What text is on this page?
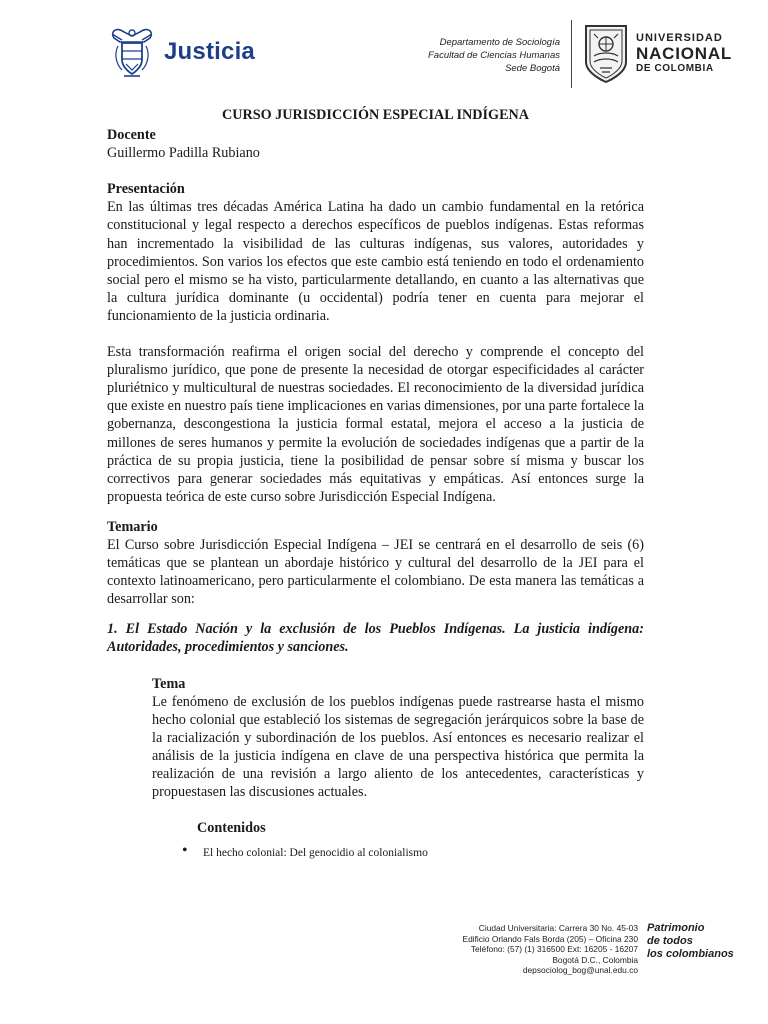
Justicia	Departamento de Sociología
Facultad de Ciencias Humanas
Sede Bogotá
UNIVERSIDAD
NACIONAL
DE COLOMBIA
CURSO JURISDICCIÓN ESPECIAL INDÍGENA
Docente
Guillermo Padilla Rubiano
Presentación
En las últimas tres décadas América Latina ha dado un cambio fundamental en la retórica constitucional y legal respecto a derechos específicos de pueblos indígenas. Estas reformas han incrementado la visibilidad de las culturas indígenas, sus valores, autoridades y procedimientos. Son varios los efectos que este cambio está teniendo en todo el ordenamiento social pero el mismo se ha visto, particularmente detallando, en cuanto a las alternativas que la cultura jurídica dominante (u occidental) podría tener en cuenta para mejorar el funcionamiento de la justicia ordinaria.
Esta transformación reafirma el origen social del derecho y comprende el concepto del pluralismo jurídico, que pone de presente la necesidad de otorgar especificidades al carácter pluriétnico y multicultural de nuestras sociedades. El reconocimiento de la diversidad jurídica que existe en nuestro país tiene implicaciones en varias dimensiones, por una parte fortalece la gobernanza, descongestiona la justicia formal estatal, mejora el acceso a la justicia de millones de seres humanos y permite la evolución de sociedades indígenas que a partir de la práctica de su propia justicia, tiene la posibilidad de pensar sobre sí misma y buscar los correctivos para generar sociedades más equitativas y empáticas. Así entonces surge la propuesta teórica de este curso sobre Jurisdicción Especial Indígena.
Temario
El Curso sobre Jurisdicción Especial Indígena – JEI se centrará en el desarrollo de seis (6) temáticas que se plantean un abordaje histórico y cultural del desarrollo de la JEI para el contexto latinoamericano, pero particularmente el colombiano. De esta manera las temáticas a desarrollar son:
1. El Estado Nación y la exclusión de los Pueblos Indígenas. La justicia indígena: Autoridades, procedimientos y sanciones.
Tema
Le fenómeno de exclusión de los pueblos indígenas puede rastrearse hasta el mismo hecho colonial que estableció los sistemas de segregación jerárquicos sobre la base de la racialización y subordinación de los pueblos. Así entonces es necesario realizar el análisis de la justicia indígena en clave de una perspectiva histórica que permita la realización de una revisión a largo aliento de los antecedentes, características y propuestasen las discusiones actuales.
Contenidos
• El hecho colonial: Del genocidio al colonialismo
Ciudad Universitaria: Carrera 30 No. 45-03
Edificio Orlando Fals Borda (205) – Oficina 230
Teléfono: (57) (1) 316500 Ext: 16205 - 16207
Bogotá D.C., Colombia
depsociolog_bog@unal.edu.co
Patrimonio
de todos
los colombianos
